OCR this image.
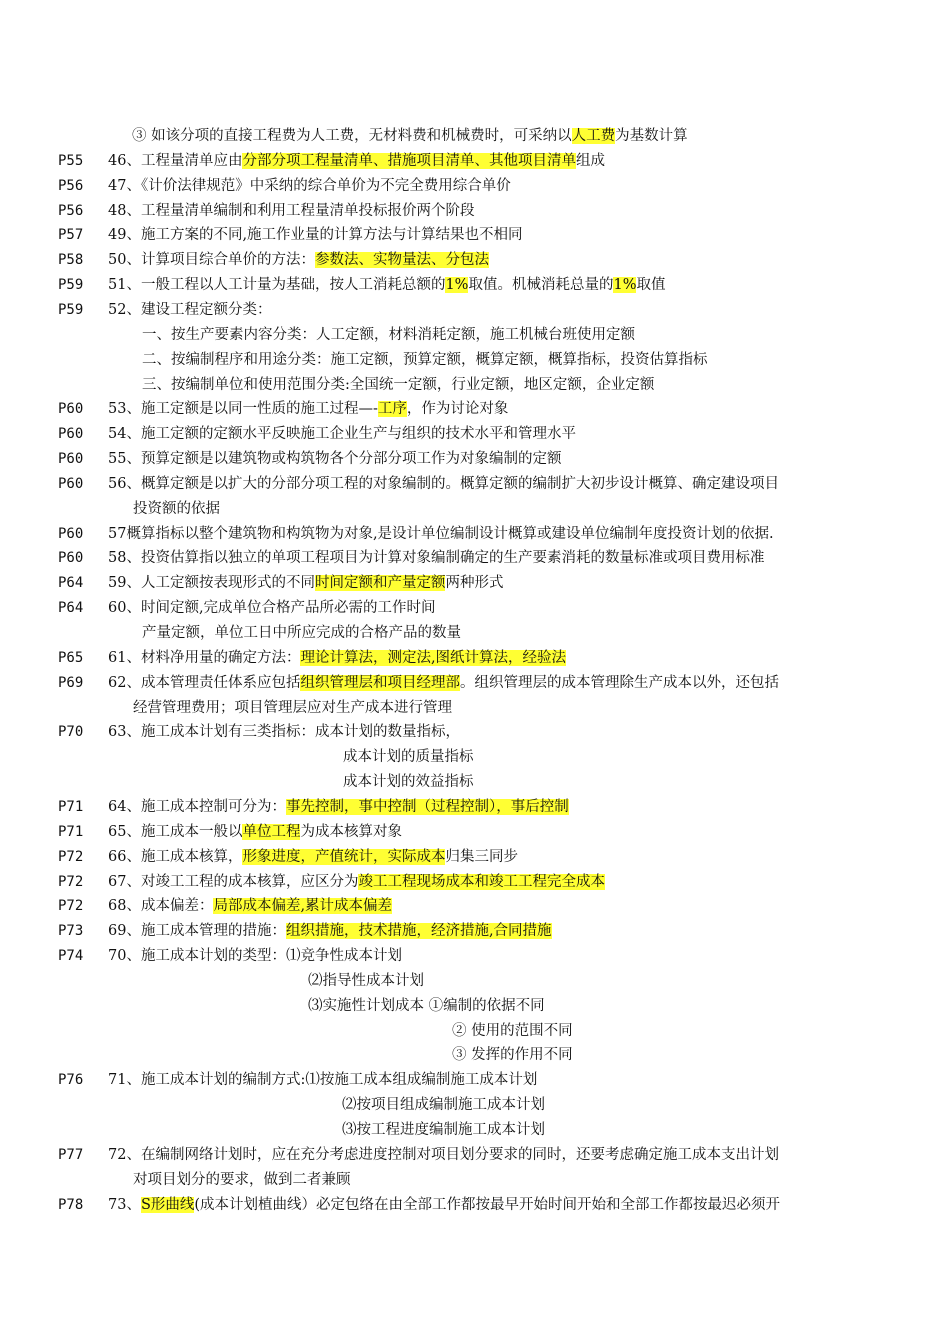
③ 如该分项的直接工程费为人工费，无材料费和机械费时，可采纳以人工费为基数计算
P55 46、工程量清单应由分部分项工程量清单、措施项目清单、其他项目清单组成
P56 47、《计价法律规范》中采纳的综合单价为不完全费用综合单价
P56 48、工程量清单编制和利用工程量清单投标报价两个阶段
P57 49、施工方案的不同,施工作业量的计算方法与计算结果也不相同
P58 50、计算项目综合单价的方法：参数法、实物量法、分包法
P59 51、一般工程以人工计量为基础，按人工消耗总额的1%取值。机械消耗总量的1%取值
P59 52、建设工程定额分类：
一、按生产要素内容分类：人工定额，材料消耗定额，施工机械台班使用定额
二、按编制程序和用途分类：施工定额，预算定额，概算定额，概算指标，投资估算指标
三、按编制单位和使用范围分类:全国统一定额，行业定额，地区定额，企业定额
P60 53、施工定额是以同一性质的施工过程—-工序，作为讨论对象
P60 54、施工定额的定额水平反映施工企业生产与组织的技术水平和管理水平
P60 55、预算定额是以建筑物或构筑物各个分部分项工作为对象编制的定额
P60 56、概算定额是以扩大的分部分项工程的对象编制的。概算定额的编制扩大初步设计概算、确定建设项目
投资额的依据
P60 57概算指标以整个建筑物和构筑物为对象,是设计单位编制设计概算或建设单位编制年度投资计划的依据.
P60 58、投资估算指以独立的单项工程项目为计算对象编制确定的生产要素消耗的数量标准或项目费用标准
P64 59、人工定额按表现形式的不同时间定额和产量定额两种形式
P64 60、时间定额,完成单位合格产品所必需的工作时间
产量定额，单位工日中所应完成的合格产品的数量
P65 61、材料净用量的确定方法：理论计算法，测定法,图纸计算法，经验法
P69 62、成本管理责任体系应包括组织管理层和项目经理部。组织管理层的成本管理除生产成本以外，还包括
经营管理费用；项目管理层应对生产成本进行管理
P70 63、施工成本计划有三类指标：成本计划的数量指标，
成本计划的质量指标
成本计划的效益指标
P71 64、施工成本控制可分为：事先控制，事中控制（过程控制），事后控制
P71 65、施工成本一般以单位工程为成本核算对象
P72 66、施工成本核算，形象进度，产值统计，实际成本归集三同步
P72 67、对竣工工程的成本核算，应区分为竣工工程现场成本和竣工工程完全成本
P72 68、成本偏差：局部成本偏差,累计成本偏差
P73 69、施工成本管理的措施：组织措施，技术措施，经济措施,合同措施
P74 70、施工成本计划的类型：⑴竞争性成本计划
⑵指导性成本计划
⑶实施性计划成本 ①编制的依据不同
② 使用的范围不同
③ 发挥的作用不同
P76 71、施工成本计划的编制方式:⑴按施工成本组成编制施工成本计划
⑵按项目组成编制施工成本计划
⑶按工程进度编制施工成本计划
P77 72、在编制网络计划时，应在充分考虑进度控制对项目划分要求的同时，还要考虑确定施工成本支出计划
对项目划分的要求，做到二者兼顾
P78 73、S形曲线(成本计划植曲线）必定包络在由全部工作都按最早开始时间开始和全部工作都按最迟必须开
